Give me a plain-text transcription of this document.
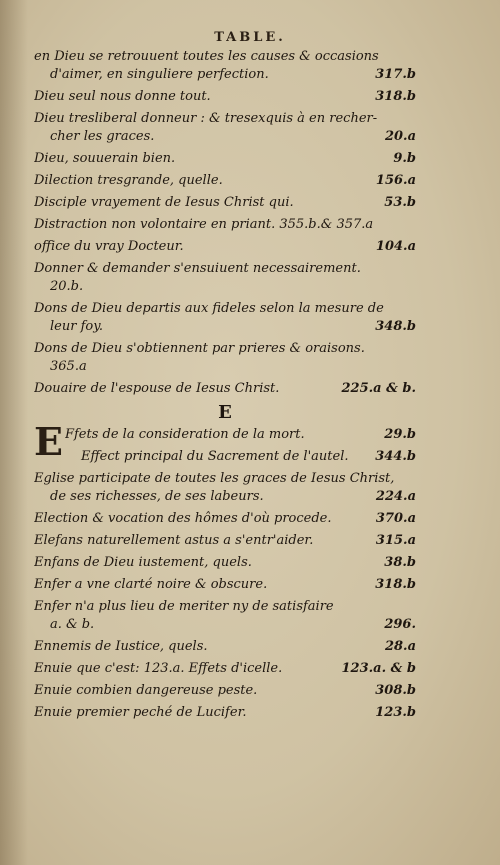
TABLE.
en Dieu se retrouuent toutes les causes & occasions
d'aimer, en singuliere perfection.	317.b
Dieu seul nous donne tout.	318.b
Dieu tresliberal donneur : & tresexquis à en recher-
cher les graces.	20.a
Dieu, souuerain bien.	9.b
Dilection tresgrande, quelle.	156.a
Disciple vrayement de Iesus Christ qui.	53.b
Distraction non volontaire en priant. 355.b.& 357.a
office du vray Docteur.	104.a
Donner & demander s'ensuiuent necessairement.
20.b.
Dons de Dieu departis aux fideles selon la mesure de
leur foy.	348.b
Dons de Dieu s'obtiennent par prieres & oraisons.
365.a
Douaire de l'espouse de Iesus Christ.	225.a & b.
E
E Ffets de la consideration de la mort.	29.b
Effect principal du Sacrement de l'autel.	344.b
Eglise participate de toutes les graces de Iesus Christ,
de ses richesses, de ses labeurs.	224.a
Election & vocation des hômes d'où procede.	370.a
Elefans naturellement astus a s'entr'aider.	315.a
Enfans de Dieu iustement, quels.	38.b
Enfer a vne clarté noire & obscure.	318.b
Enfer n'a plus lieu de meriter ny de satisfaire
a. & b.	296.
Ennemis de Iustice, quels.	28.a
Enuie que c'est: 123.a. Effets d'icelle.	123.a. & b
Enuie combien dangereuse peste.	308.b
Enuie premier peché de Lucifer.	123.b
